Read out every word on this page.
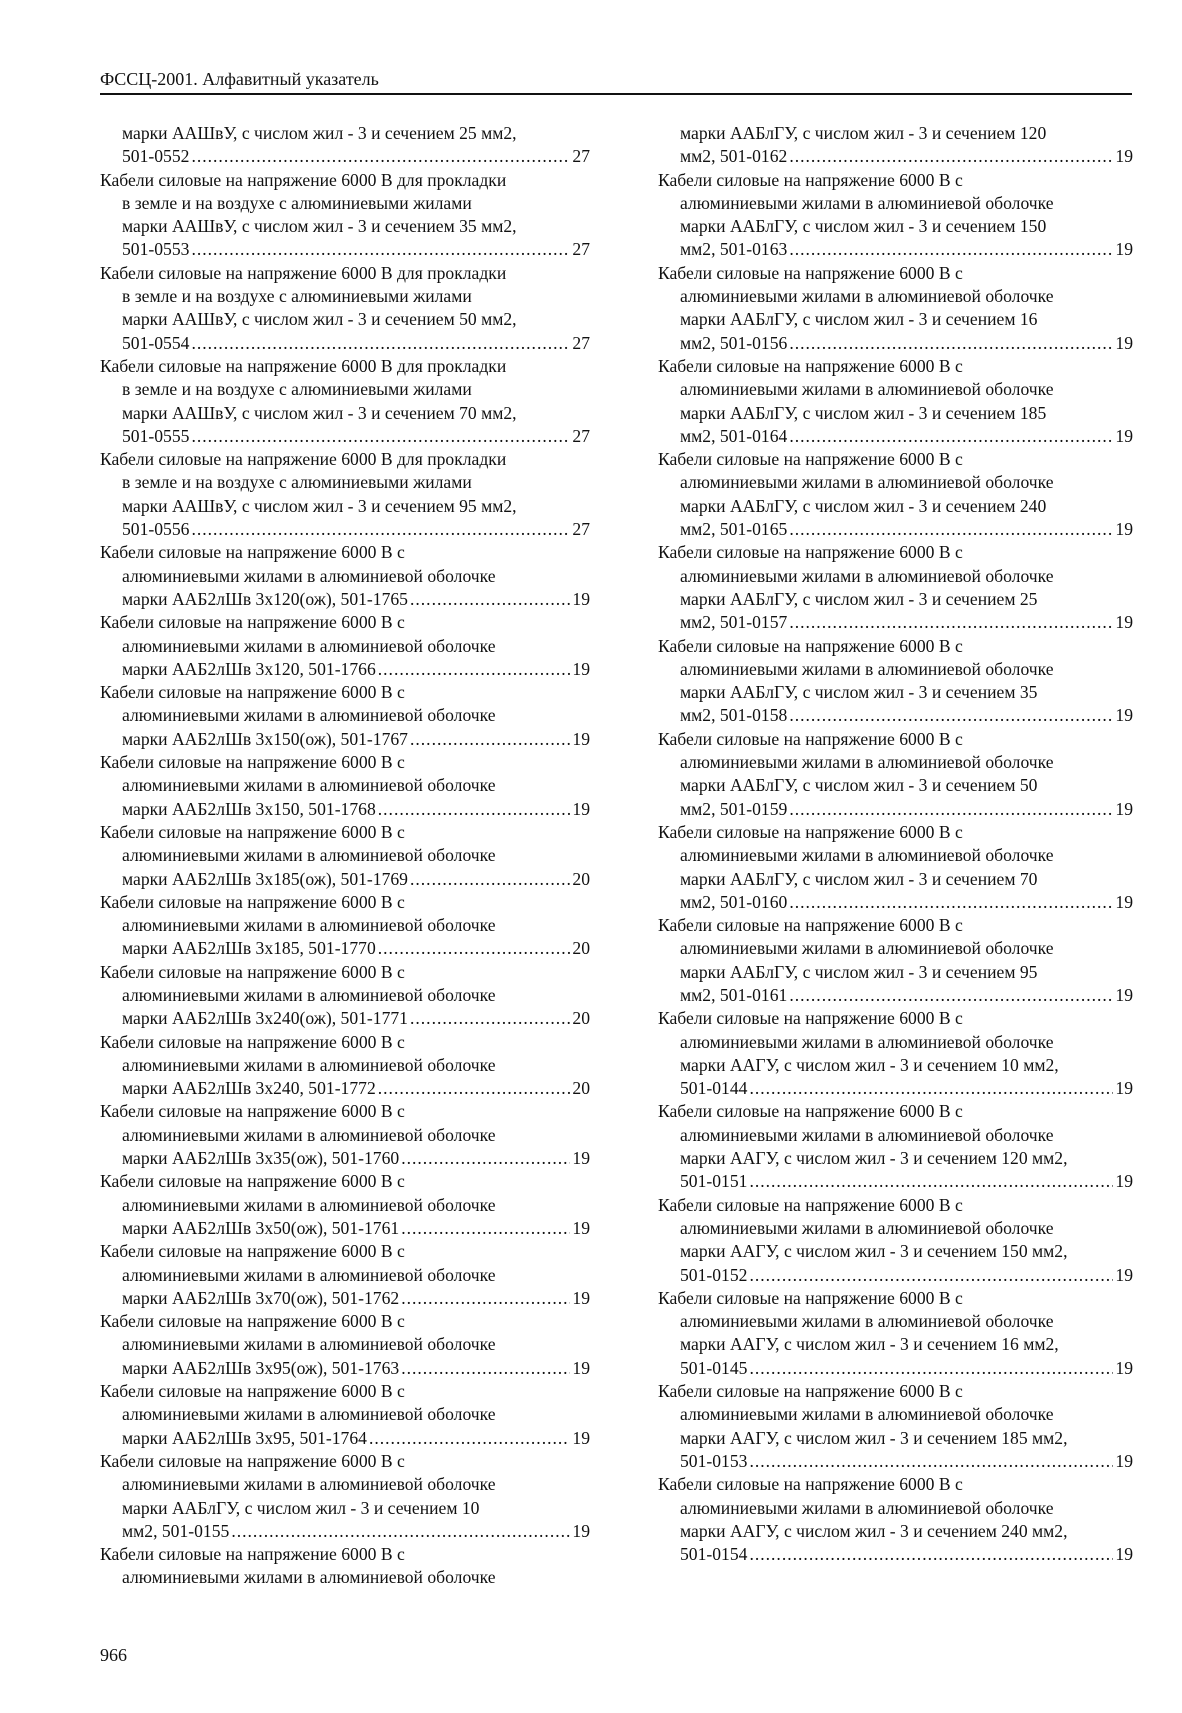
ФССЦ-2001. Алфавитный указатель
марки ААШвУ, с числом жил - 3 и сечением 25 мм2,
501-0552 .....	27
Кабели силовые на напряжение 6000 В для прокладки
в земле и на воздухе с алюминиевыми жилами
марки ААШвУ, с числом жил - 3 и сечением 35 мм2,
501-0553 .....	27
Кабели силовые на напряжение 6000 В для прокладки
в земле и на воздухе с алюминиевыми жилами
марки ААШвУ, с числом жил - 3 и сечением 50 мм2,
501-0554 .....	27
Кабели силовые на напряжение 6000 В для прокладки
в земле и на воздухе с алюминиевыми жилами
марки ААШвУ, с числом жил - 3 и сечением 70 мм2,
501-0555 .....	27
Кабели силовые на напряжение 6000 В для прокладки
в земле и на воздухе с алюминиевыми жилами
марки ААШвУ, с числом жил - 3 и сечением 95 мм2,
501-0556 .....	27
Кабели силовые на напряжение 6000 В с
алюминиевыми жилами в алюминиевой оболочке
марки ААБ2лШв 3х120(ож), 501-1765 .....	19
Кабели силовые на напряжение 6000 В с
алюминиевыми жилами в алюминиевой оболочке
марки ААБ2лШв 3х120, 501-1766 .....	19
Кабели силовые на напряжение 6000 В с
алюминиевыми жилами в алюминиевой оболочке
марки ААБ2лШв 3х150(ож), 501-1767 .....	19
Кабели силовые на напряжение 6000 В с
алюминиевыми жилами в алюминиевой оболочке
марки ААБ2лШв 3х150, 501-1768 .....	19
Кабели силовые на напряжение 6000 В с
алюминиевыми жилами в алюминиевой оболочке
марки ААБ2лШв 3х185(ож), 501-1769 .....	20
Кабели силовые на напряжение 6000 В с
алюминиевыми жилами в алюминиевой оболочке
марки ААБ2лШв 3х185, 501-1770 .....	20
Кабели силовые на напряжение 6000 В с
алюминиевыми жилами в алюминиевой оболочке
марки ААБ2лШв 3х240(ож), 501-1771 .....	20
Кабели силовые на напряжение 6000 В с
алюминиевыми жилами в алюминиевой оболочке
марки ААБ2лШв 3х240, 501-1772 .....	20
Кабели силовые на напряжение 6000 В с
алюминиевыми жилами в алюминиевой оболочке
марки ААБ2лШв 3х35(ож), 501-1760 .....	19
Кабели силовые на напряжение 6000 В с
алюминиевыми жилами в алюминиевой оболочке
марки ААБ2лШв 3х50(ож), 501-1761 .....	19
Кабели силовые на напряжение 6000 В с
алюминиевыми жилами в алюминиевой оболочке
марки ААБ2лШв 3х70(ож), 501-1762 .....	19
Кабели силовые на напряжение 6000 В с
алюминиевыми жилами в алюминиевой оболочке
марки ААБ2лШв 3х95(ож), 501-1763 .....	19
Кабели силовые на напряжение 6000 В с
алюминиевыми жилами в алюминиевой оболочке
марки ААБ2лШв 3х95, 501-1764 .....	19
Кабели силовые на напряжение 6000 В с
алюминиевыми жилами в алюминиевой оболочке
марки ААБлГУ, с числом жил - 3 и сечением 10
мм2, 501-0155 .....	19
Кабели силовые на напряжение 6000 В с
алюминиевыми жилами в алюминиевой оболочке
марки ААБлГУ, с числом жил - 3 и сечением 120
мм2, 501-0162 .....	19
Кабели силовые на напряжение 6000 В с
алюминиевыми жилами в алюминиевой оболочке
марки ААБлГУ, с числом жил - 3 и сечением 150
мм2, 501-0163 .....	19
Кабели силовые на напряжение 6000 В с
алюминиевыми жилами в алюминиевой оболочке
марки ААБлГУ, с числом жил - 3 и сечением 16
мм2, 501-0156 .....	19
Кабели силовые на напряжение 6000 В с
алюминиевыми жилами в алюминиевой оболочке
марки ААБлГУ, с числом жил - 3 и сечением 185
мм2, 501-0164 .....	19
Кабели силовые на напряжение 6000 В с
алюминиевыми жилами в алюминиевой оболочке
марки ААБлГУ, с числом жил - 3 и сечением 240
мм2, 501-0165 .....	19
Кабели силовые на напряжение 6000 В с
алюминиевыми жилами в алюминиевой оболочке
марки ААБлГУ, с числом жил - 3 и сечением 25
мм2, 501-0157 .....	19
Кабели силовые на напряжение 6000 В с
алюминиевыми жилами в алюминиевой оболочке
марки ААБлГУ, с числом жил - 3 и сечением 35
мм2, 501-0158 .....	19
Кабели силовые на напряжение 6000 В с
алюминиевыми жилами в алюминиевой оболочке
марки ААБлГУ, с числом жил - 3 и сечением 50
мм2, 501-0159 .....	19
Кабели силовые на напряжение 6000 В с
алюминиевыми жилами в алюминиевой оболочке
марки ААБлГУ, с числом жил - 3 и сечением 70
мм2, 501-0160 .....	19
Кабели силовые на напряжение 6000 В с
алюминиевыми жилами в алюминиевой оболочке
марки ААБлГУ, с числом жил - 3 и сечением 95
мм2, 501-0161 .....	19
Кабели силовые на напряжение 6000 В с
алюминиевыми жилами в алюминиевой оболочке
марки ААГУ, с числом жил - 3 и сечением 10 мм2,
501-0144 .....	19
Кабели силовые на напряжение 6000 В с
алюминиевыми жилами в алюминиевой оболочке
марки ААГУ, с числом жил - 3 и сечением 120 мм2,
501-0151 .....	19
Кабели силовые на напряжение 6000 В с
алюминиевыми жилами в алюминиевой оболочке
марки ААГУ, с числом жил - 3 и сечением 150 мм2,
501-0152 .....	19
Кабели силовые на напряжение 6000 В с
алюминиевыми жилами в алюминиевой оболочке
марки ААГУ, с числом жил - 3 и сечением 16 мм2,
501-0145 .....	19
Кабели силовые на напряжение 6000 В с
алюминиевыми жилами в алюминиевой оболочке
марки ААГУ, с числом жил - 3 и сечением 185 мм2,
501-0153 .....	19
Кабели силовые на напряжение 6000 В с
алюминиевыми жилами в алюминиевой оболочке
марки ААГУ, с числом жил - 3 и сечением 240 мм2,
501-0154 .....	19
966
